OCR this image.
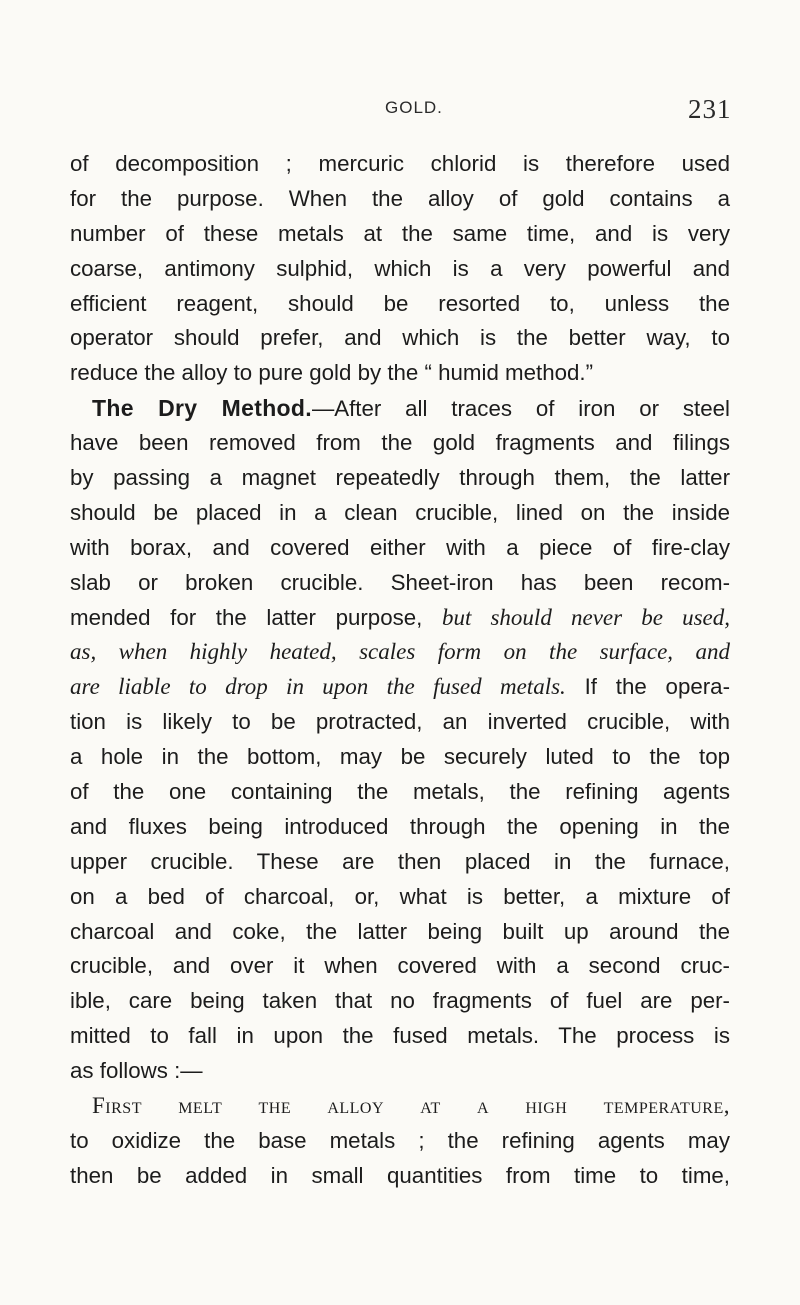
GOLD.	231
of decomposition ; mercuric chlorid is therefore used
for the purpose. When the alloy of gold contains a
number of these metals at the same time, and is very
coarse, antimony sulphid, which is a very powerful and
efficient reagent, should be resorted to, unless the
operator should prefer, and which is the better way, to
reduce the alloy to pure gold by the “ humid method.”
The Dry Method.—After all traces of iron or steel
have been removed from the gold fragments and filings
by passing a magnet repeatedly through them, the latter
should be placed in a clean crucible, lined on the inside
with borax, and covered either with a piece of fire-clay
slab or broken crucible. Sheet-iron has been recom-
mended for the latter purpose, but should never be used,
as, when highly heated, scales form on the surface, and
are liable to drop in upon the fused metals. If the opera-
tion is likely to be protracted, an inverted crucible, with
a hole in the bottom, may be securely luted to the top
of the one containing the metals, the refining agents
and fluxes being introduced through the opening in the
upper crucible. These are then placed in the furnace,
on a bed of charcoal, or, what is better, a mixture of
charcoal and coke, the latter being built up around the
crucible, and over it when covered with a second cruc-
ible, care being taken that no fragments of fuel are per-
mitted to fall in upon the fused metals. The process is
as follows :—
First melt the alloy at a high temperature,
to oxidize the base metals ; the refining agents may
then be added in small quantities from time to time,
